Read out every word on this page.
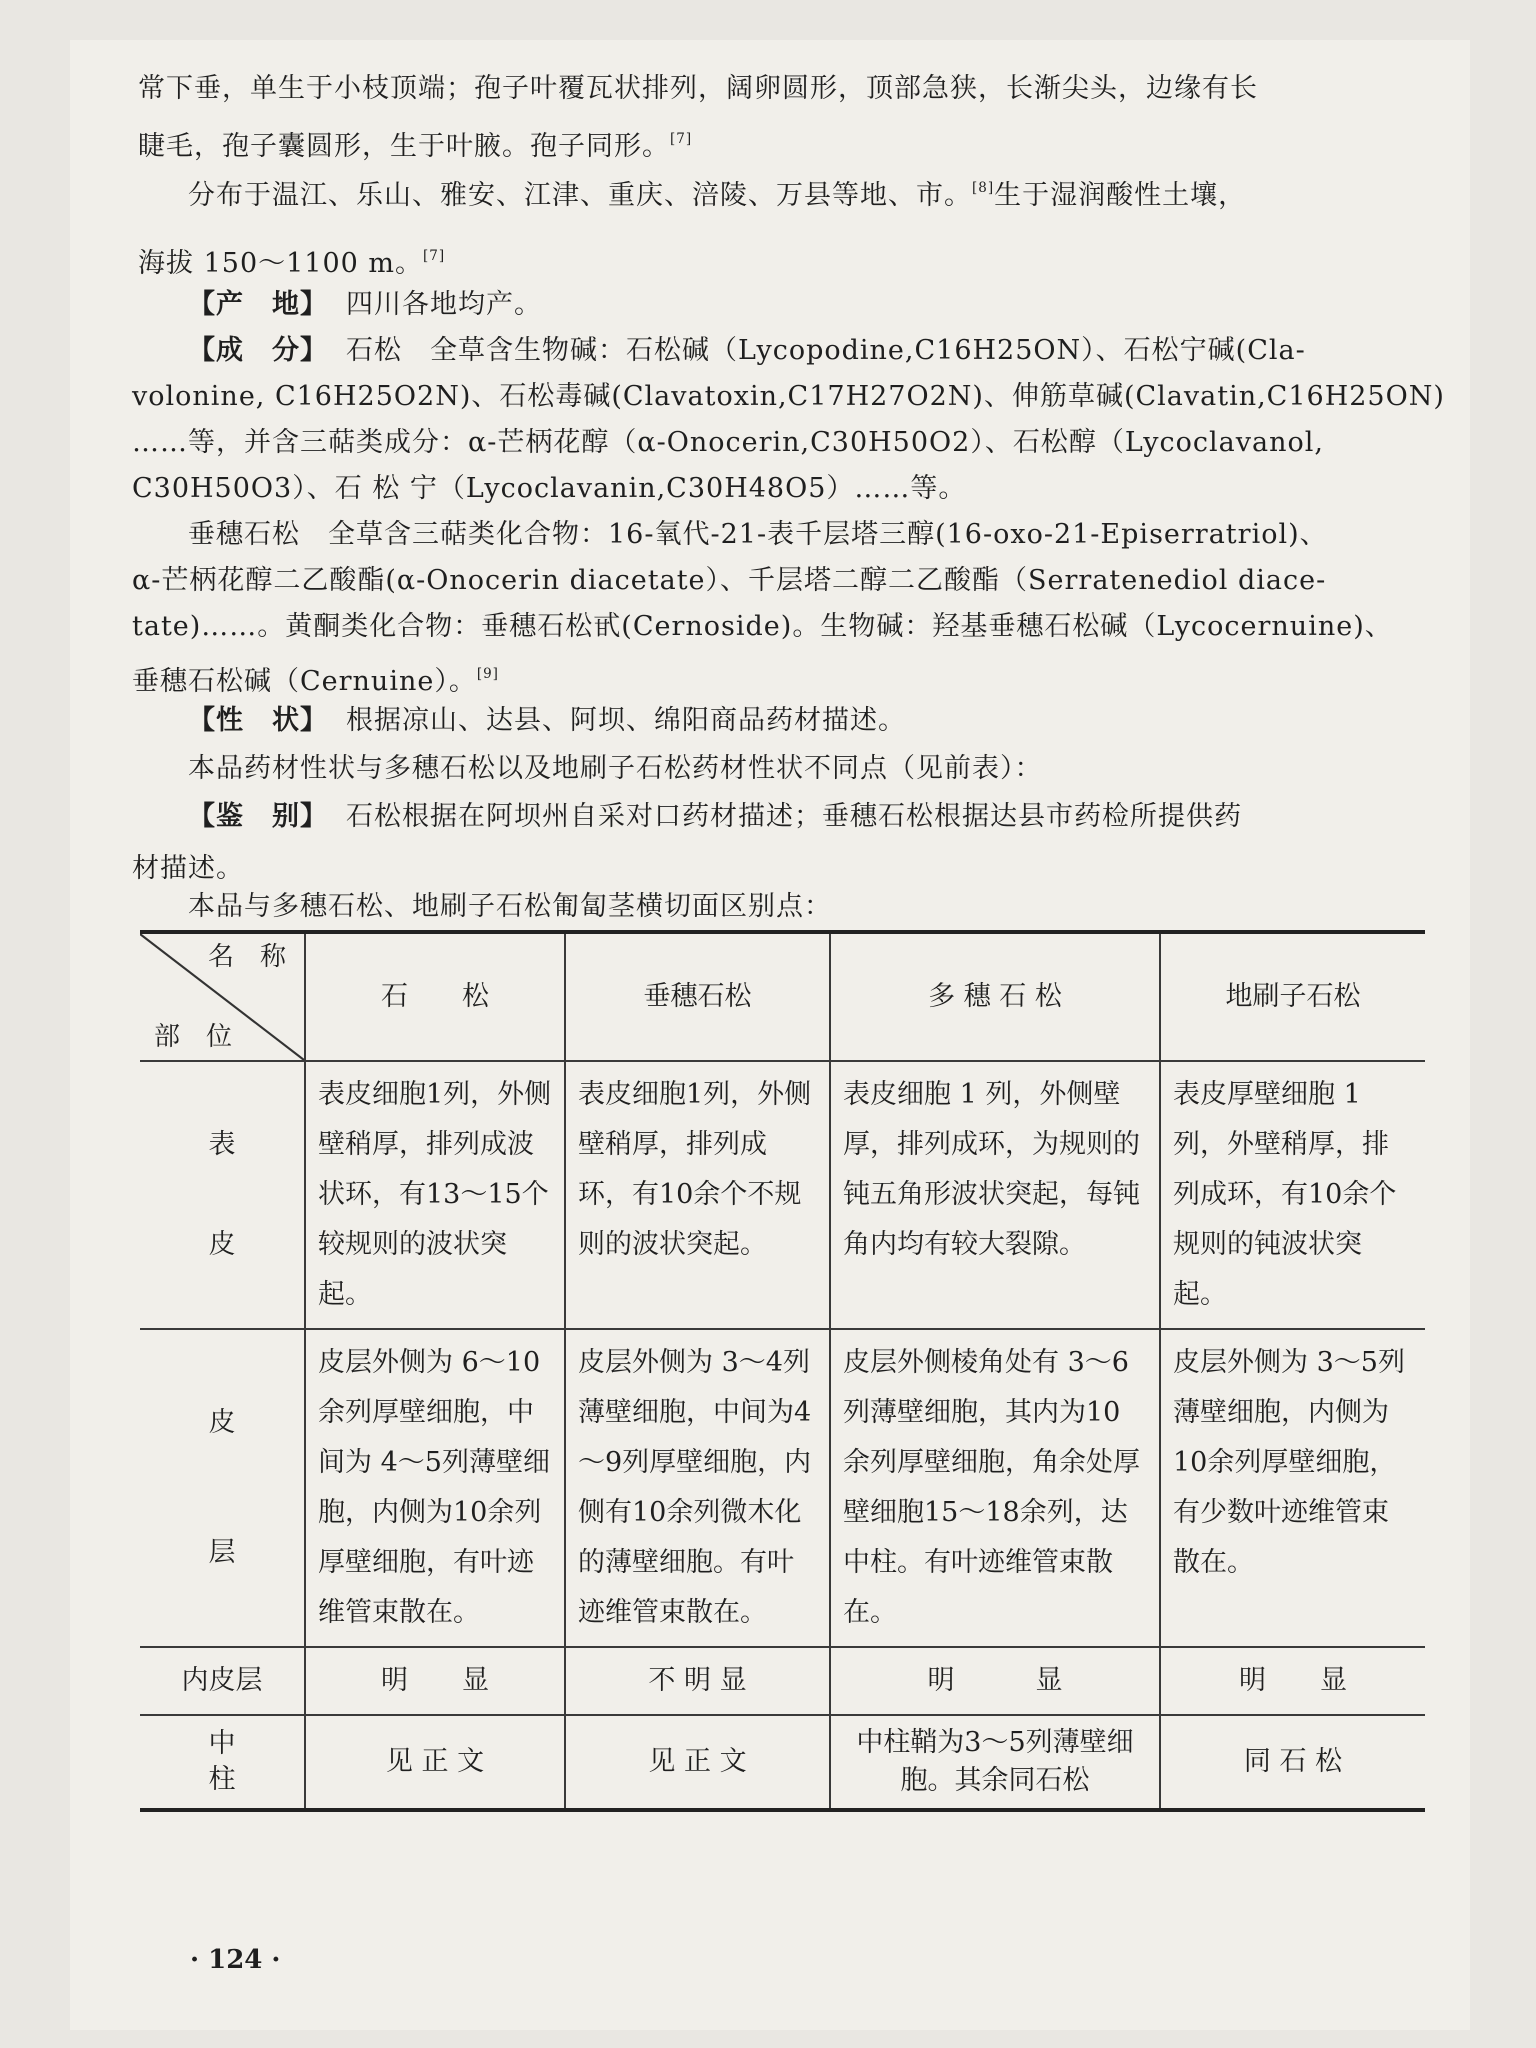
常下垂，单生于小枝顶端；孢子叶覆瓦状排列，阔卵圆形，顶部急狭，长渐尖头，边缘有长
睫毛，孢子囊圆形，生于叶腋。孢子同形。[7]
分布于温江、乐山、雅安、江津、重庆、涪陵、万县等地、市。[8]生于湿润酸性土壤，
海拔 150～1100 m。[7]
【产　地】 四川各地均产。
【成　分】 石松　全草含生物碱：石松碱（Lycopodine,C16H25ON）、石松宁碱(Cla-
volonine, C16H25O2N)、石松毒碱(Clavatoxin,C17H27O2N)、伸筋草碱(Clavatin,C16H25ON)
……等，并含三萜类成分：α-芒柄花醇（α-Onocerin,C30H50O2）、石松醇（Lycoclavanol,
C30H50O3）、石 松 宁（Lycoclavanin,C30H48O5）……等。
垂穗石松　全草含三萜类化合物：16-氧代-21-表千层塔三醇(16-oxo-21-Episerratriol)、
α-芒柄花醇二乙酸酯(α-Onocerin diacetate）、千层塔二醇二乙酸酯（Serratenediol diace-
tate)……。黄酮类化合物：垂穗石松甙(Cernoside)。生物碱：羟基垂穗石松碱（Lycocernuine)、
垂穗石松碱（Cernuine）。[9]
【性　状】 根据凉山、达县、阿坝、绵阳商品药材描述。
本品药材性状与多穗石松以及地刷子石松药材性状不同点（见前表）：
【鉴　别】 石松根据在阿坝州自采对口药材描述；垂穗石松根据达县市药检所提供药
材描述。
本品与多穗石松、地刷子石松匍匐茎横切面区别点：
名　称
部　位	石　　松	垂穗石松	多 穗 石 松	地刷子石松

表
皮	表皮细胞1列，外侧壁稍厚，排列成波状环，有13～15个较规则的波状突起。	表皮细胞1列，外侧壁稍厚，排列成环，有10余个不规则的波状突起。	表皮细胞 1 列，外侧壁厚，排列成环，为规则的钝五角形波状突起，每钝角内均有较大裂隙。	表皮厚壁细胞 1 列，外壁稍厚，排列成环，有10余个规则的钝波状突起。

皮
层	皮层外侧为 6～10余列厚壁细胞，中间为 4～5列薄壁细胞，内侧为10余列厚壁细胞，有叶迹维管束散在。	皮层外侧为 3～4列薄壁细胞，中间为4～9列厚壁细胞，内侧有10余列微木化的薄壁细胞。有叶迹维管束散在。	皮层外侧棱角处有 3～6列薄壁细胞，其内为10余列厚壁细胞，角余处厚壁细胞15～18余列，达中柱。有叶迹维管束散在。	皮层外侧为 3～5列薄壁细胞，内侧为10余列厚壁细胞，有少数叶迹维管束散在。
内皮层	明　　显	不 明 显	明　　　显	明　　显

中
柱	见 正 文	见 正 文	中柱鞘为3～5列薄壁细胞。其余同石松	同 石 松
· 124 ·
